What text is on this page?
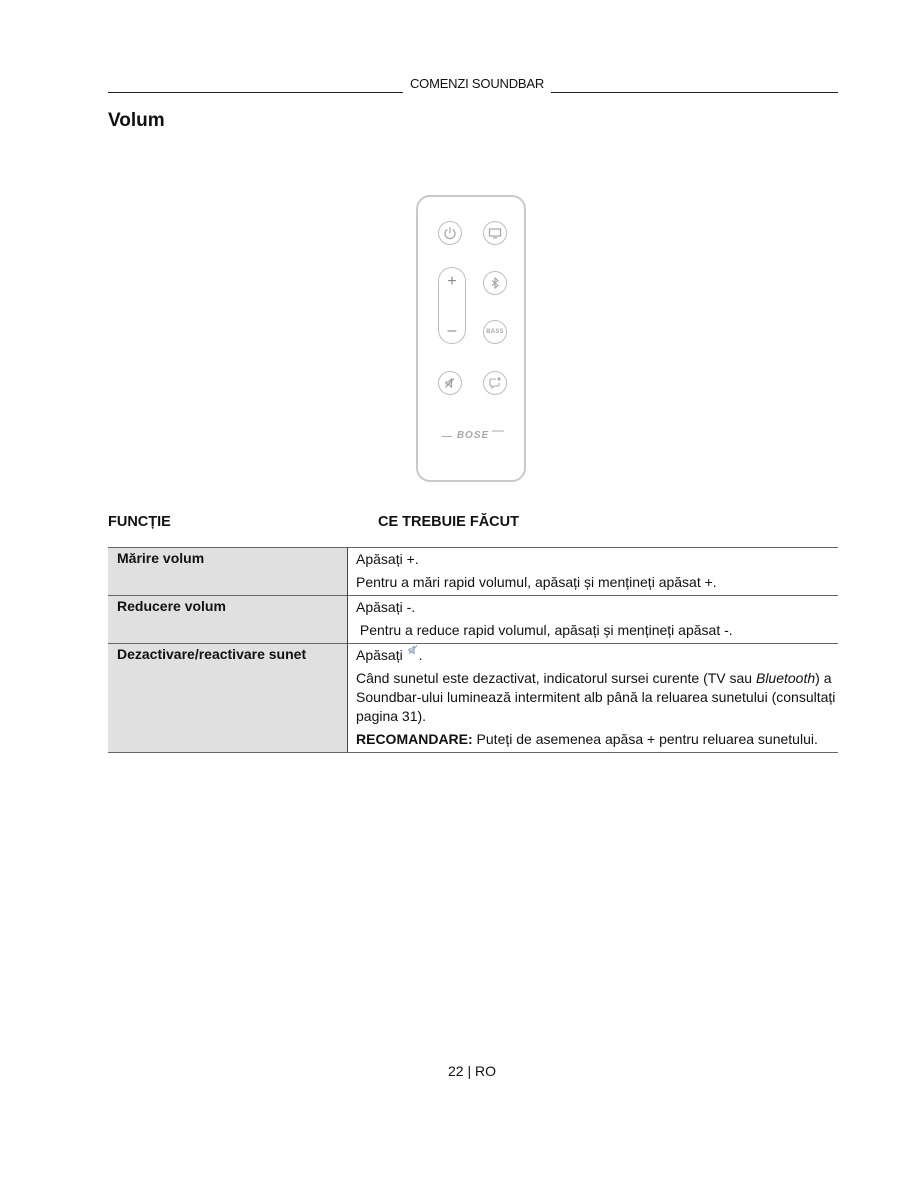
COMENZI SOUNDBAR
Volum
+
–	BASS
BOSE
FUNCȚIE	CE TREBUIE FĂCUT
Mărire volum	Apăsați +.

Pentru a mări rapid volumul, apăsați și mențineți apăsat +.

Reducere volum	Apăsați -.

Pentru a reduce rapid volumul, apăsați și mențineți apăsat -.

Dezactivare/reactivare sunet	Apăsați .

Când sunetul este dezactivat, indicatorul sursei curente (TV sau Bluetooth) a Soundbar-ului luminează intermitent alb până la reluarea sunetului (consultați pagina 31).

RECOMANDARE: Puteți de asemenea apăsa + pentru reluarea sunetului.

22 | RO
